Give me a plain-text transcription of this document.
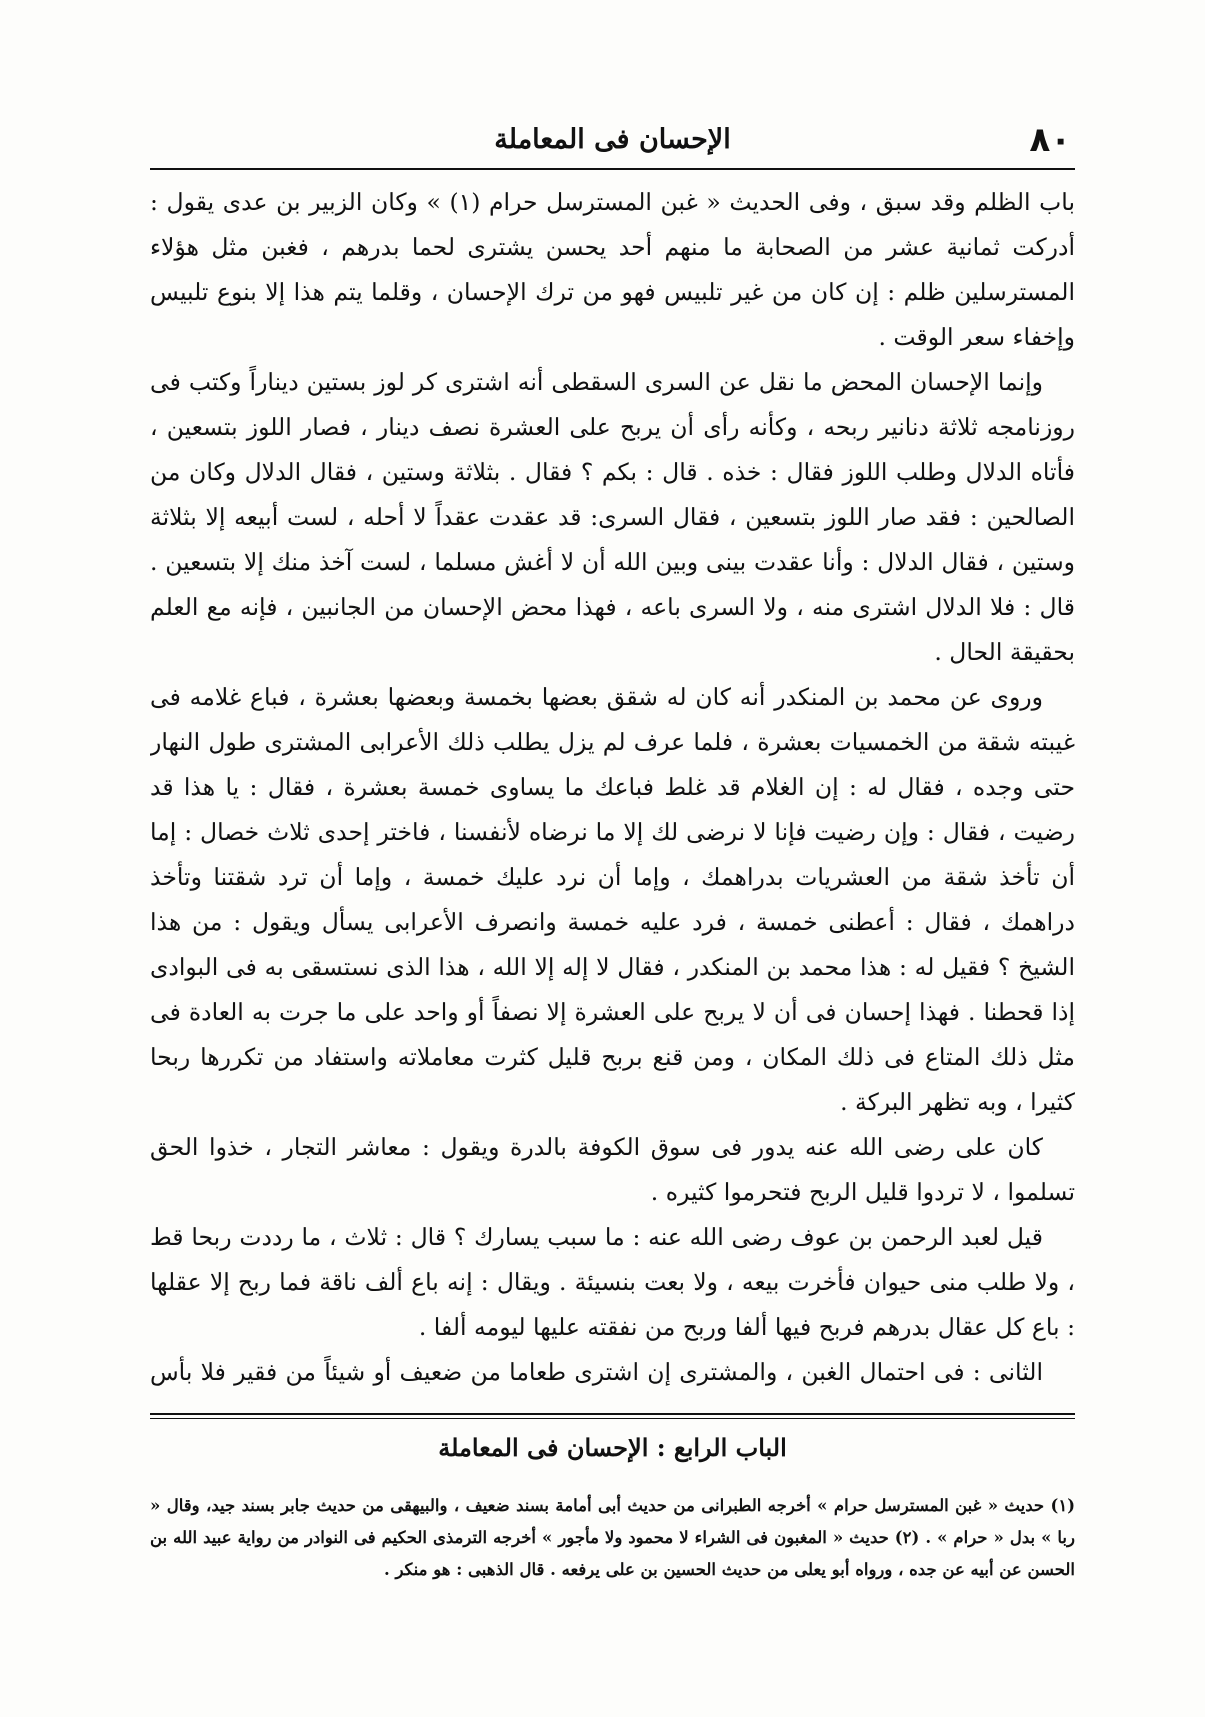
٨٠
الإحسان فى المعاملة

باب الظلم وقد سبق ، وفى الحديث « غبن المسترسل حرام (١) » وكان الزبير بن عدى يقول : أدركت ثمانية عشر من الصحابة ما منهم أحد يحسن يشترى لحما بدرهم ، فغبن مثل هؤلاء المسترسلين ظلم : إن كان من غير تلبيس فهو من ترك الإحسان ، وقلما يتم هذا إلا بنوع تلبيس وإخفاء سعر الوقت .

وإنما الإحسان المحض ما نقل عن السرى السقطى أنه اشترى كر لوز بستين ديناراً وكتب فى روزنامجه ثلاثة دنانير ربحه ، وكأنه رأى أن يربح على العشرة نصف دينار ، فصار اللوز بتسعين ، فأتاه الدلال وطلب اللوز فقال : خذه . قال : بكم ؟ فقال . بثلاثة وستين ، فقال الدلال وكان من الصالحين : فقد صار اللوز بتسعين ، فقال السرى: قد عقدت عقداً لا أحله ، لست أبيعه إلا بثلاثة وستين ، فقال الدلال : وأنا عقدت بينى وبين الله أن لا أغش مسلما ، لست آخذ منك إلا بتسعين . قال : فلا الدلال اشترى منه ، ولا السرى باعه ، فهذا محض الإحسان من الجانبين ، فإنه مع العلم بحقيقة الحال .

وروى عن محمد بن المنكدر أنه كان له شقق بعضها بخمسة وبعضها بعشرة ، فباع غلامه فى غيبته شقة من الخمسيات بعشرة ، فلما عرف لم يزل يطلب ذلك الأعرابى المشترى طول النهار حتى وجده ، فقال له : إن الغلام قد غلط فباعك ما يساوى خمسة بعشرة ، فقال : يا هذا قد رضيت ، فقال : وإن رضيت فإنا لا نرضى لك إلا ما نرضاه لأنفسنا ، فاختر إحدى ثلاث خصال : إما أن تأخذ شقة من العشريات بدراهمك ، وإما أن نرد عليك خمسة ، وإما أن ترد شقتنا وتأخذ دراهمك ، فقال : أعطنى خمسة ، فرد عليه خمسة وانصرف الأعرابى يسأل ويقول : من هذا الشيخ ؟ فقيل له : هذا محمد بن المنكدر ، فقال لا إله إلا الله ، هذا الذى نستسقى به فى البوادى إذا قحطنا . فهذا إحسان فى أن لا يربح على العشرة إلا نصفاً أو واحد على ما جرت به العادة فى مثل ذلك المتاع فى ذلك المكان ، ومن قنع بربح قليل كثرت معاملاته واستفاد من تكررها ربحا كثيرا ، وبه تظهر البركة .

كان على رضى الله عنه يدور فى سوق الكوفة بالدرة ويقول : معاشر التجار ، خذوا الحق تسلموا ، لا تردوا قليل الربح فتحرموا كثيره .

قيل لعبد الرحمن بن عوف رضى الله عنه : ما سبب يسارك ؟ قال : ثلاث ، ما رددت ربحا قط ، ولا طلب منى حيوان فأخرت بيعه ، ولا بعت بنسيئة . ويقال : إنه باع ألف ناقة فما ربح إلا عقلها : باع كل عقال بدرهم فربح فيها ألفا وربح من نفقته عليها ليومه ألفا .

الثانى : فى احتمال الغبن ، والمشترى إن اشترى طعاما من ضعيف أو شيئاً من فقير فلا بأس

الباب الرابع : الإحسان فى المعاملة

(١) حديث « غبن المسترسل حرام » أخرجه الطبرانى من حديث أبى أمامة بسند ضعيف ، والبيهقى من حديث جابر بسند جيد، وقال « ربا » بدل « حرام » . (٢) حديث « المغبون فى الشراء لا محمود ولا مأجور » أخرجه الترمذى الحكيم فى النوادر من رواية عبيد الله بن الحسن عن أبيه عن جده ، ورواه أبو يعلى من حديث الحسين بن على يرفعه . قال الذهبى : هو منكر .
